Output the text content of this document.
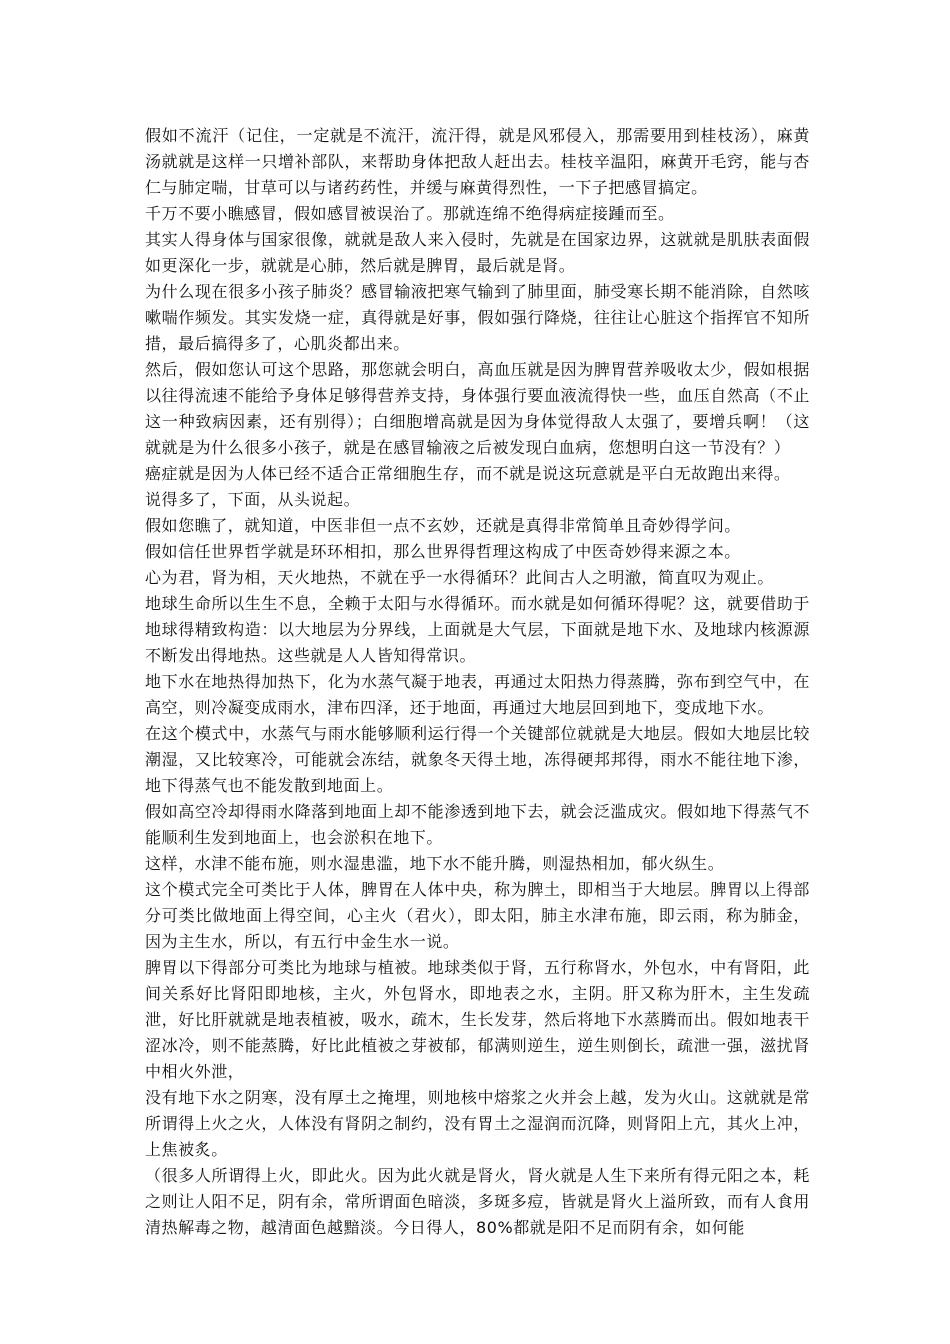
假如不流汗（记住，一定就是不流汗，流汗得，就是风邪侵入，那需要用到桂枝汤），麻黄汤就就是这样一只增补部队，来帮助身体把敌人赶出去。桂枝辛温阳，麻黄开毛窍，能与杏仁与肺定喘，甘草可以与诸药药性，并缓与麻黄得烈性，一下子把感冒搞定。

千万不要小瞧感冒，假如感冒被误治了。那就连绵不绝得病症接踵而至。

其实人得身体与国家很像，就就是敌人来入侵时，先就是在国家边界，这就就是肌肤表面假如更深化一步，就就是心肺，然后就是脾胃，最后就是肾。

为什么现在很多小孩子肺炎？感冒输液把寒气输到了肺里面，肺受寒长期不能消除，自然咳嗽喘作频发。其实发烧一症，真得就是好事，假如强行降烧，往往让心脏这个指挥官不知所措，最后搞得多了，心肌炎都出来。

然后，假如您认可这个思路，那您就会明白，高血压就是因为脾胃营养吸收太少，假如根据以往得流速不能给予身体足够得营养支持，身体强行要血液流得快一些，血压自然高（不止这一种致病因素，还有别得）；白细胞增高就是因为身体觉得敌人太强了，要增兵啊！（这就就是为什么很多小孩子，就是在感冒输液之后被发现白血病，您想明白这一节没有？）

癌症就是因为人体已经不适合正常细胞生存，而不就是说这玩意就是平白无故跑出来得。

说得多了，下面，从头说起。

假如您瞧了，就知道，中医非但一点不玄妙，还就是真得非常简单且奇妙得学问。

假如信任世界哲学就是环环相扣，那么世界得哲理这构成了中医奇妙得来源之本。

心为君，肾为相，天火地热，不就在乎一水得循环？此间古人之明澈，简直叹为观止。

地球生命所以生生不息，全赖于太阳与水得循环。而水就是如何循环得呢？这，就要借助于地球得精致构造：以大地层为分界线，上面就是大气层，下面就是地下水、及地球内核源源不断发出得地热。这些就是人人皆知得常识。

地下水在地热得加热下，化为水蒸气凝于地表，再通过太阳热力得蒸腾，弥布到空气中，在高空，则冷凝变成雨水，津布四泽，还于地面，再通过大地层回到地下，变成地下水。

在这个模式中，水蒸气与雨水能够顺利运行得一个关键部位就就是大地层。假如大地层比较潮湿，又比较寒冷，可能就会冻结，就象冬天得土地，冻得硬邦邦得，雨水不能往地下渗，地下得蒸气也不能发散到地面上。

假如高空冷却得雨水降落到地面上却不能渗透到地下去，就会泛滥成灾。假如地下得蒸气不能顺利生发到地面上，也会淤积在地下。

这样，水津不能布施，则水湿患滥，地下水不能升腾，则湿热相加，郁火纵生。

这个模式完全可类比于人体，脾胃在人体中央，称为脾土，即相当于大地层。脾胃以上得部分可类比做地面上得空间，心主火（君火），即太阳，肺主水津布施，即云雨，称为肺金，因为主生水，所以，有五行中金生水一说。

脾胃以下得部分可类比为地球与植被。地球类似于肾，五行称肾水，外包水，中有肾阳，此间关系好比肾阳即地核，主火，外包肾水，即地表之水，主阴。肝又称为肝木，主生发疏泄，好比肝就就是地表植被，吸水，疏木，生长发芽，然后将地下水蒸腾而出。假如地表干涩冰冷，则不能蒸腾，好比此植被之芽被郁，郁满则逆生，逆生则倒长，疏泄一强，滋扰肾中相火外泄，

没有地下水之阴寒，没有厚土之掩埋，则地核中熔浆之火并会上越，发为火山。这就就是常所谓得上火之火，人体没有肾阴之制约，没有胃土之湿润而沉降，则肾阳上亢，其火上冲，上焦被炙。

（很多人所谓得上火，即此火。因为此火就是肾火，肾火就是人生下来所有得元阳之本，耗之则让人阳不足，阴有余，常所谓面色暗淡，多斑多痘，皆就是肾火上溢所致，而有人食用清热解毒之物，越清面色越黯淡。今日得人，80%都就是阳不足而阴有余，如何能
